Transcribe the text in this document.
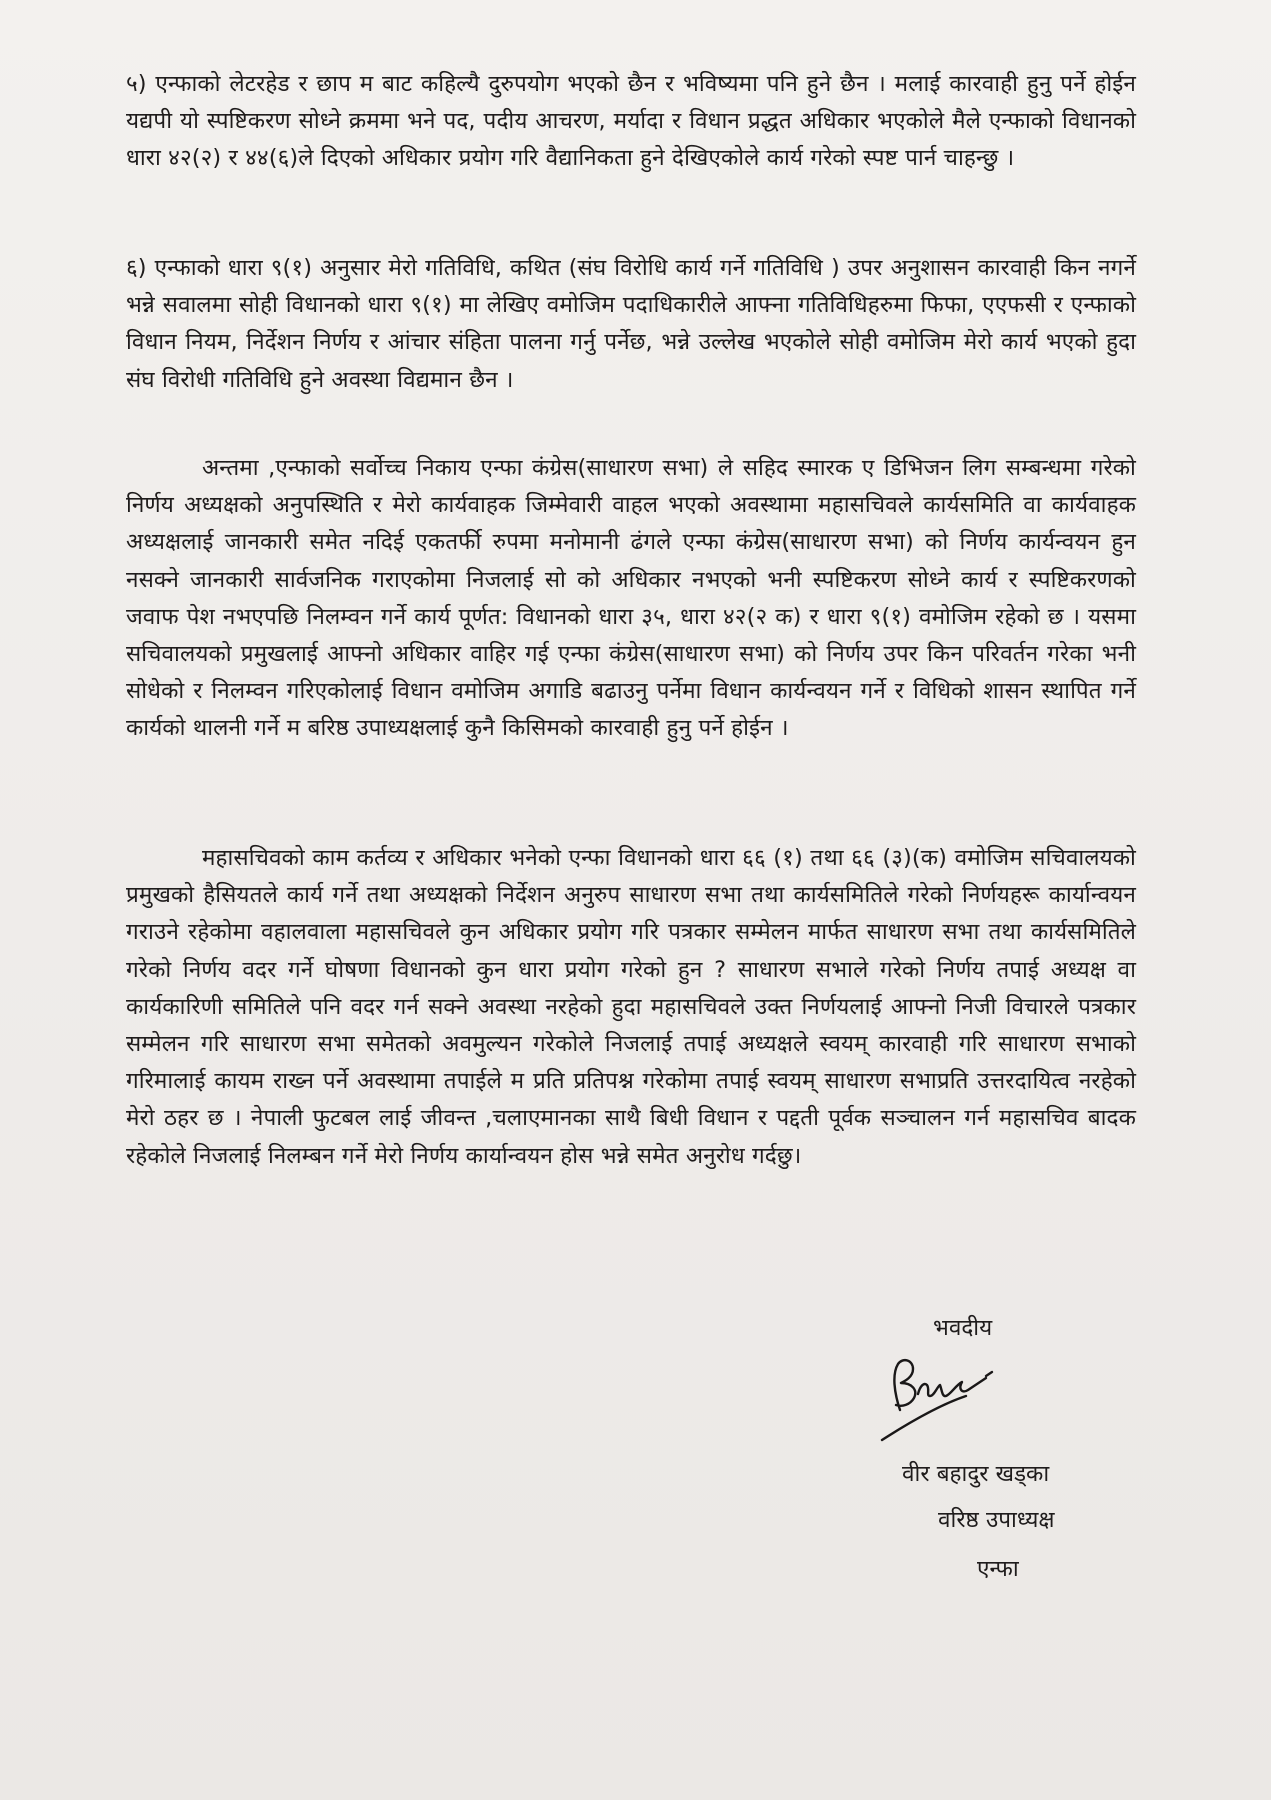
५) एन्फाको लेटरहेड र छाप म बाट कहिल्यै दुरुपयोग भएको छैन र भविष्यमा पनि हुने छैन । मलाई कारवाही हुनु पर्ने होईन यद्यपी यो स्पष्टिकरण सोध्ने क्रममा भने पद, पदीय आचरण, मर्यादा र विधान प्रद्धत अधिकार भएकोले मैले एन्फाको विधानको धारा ४२(२) र ४४(६)ले दिएको अधिकार प्रयोग गरि वैद्यानिकता हुने देखिएकोले कार्य गरेको स्पष्ट पार्न चाहन्छु ।

६) एन्फाको धारा ९(१) अनुसार मेरो गतिविधि, कथित (संघ विरोधि कार्य गर्ने गतिविधि ) उपर अनुशासन कारवाही किन नगर्ने भन्ने सवालमा सोही विधानको धारा ९(१) मा लेखिए वमोजिम पदाधिकारीले आफ्ना गतिविधिहरुमा फिफा, एएफसी र एन्फाको विधान नियम, निर्देशन निर्णय र आंचार संहिता पालना गर्नु पर्नेछ, भन्ने उल्लेख भएकोले सोही वमोजिम मेरो कार्य भएको हुदा संघ विरोधी गतिविधि हुने अवस्था विद्यमान छैन ।

अन्तमा ,एन्फाको सर्वोच्च निकाय एन्फा कंग्रेस(साधारण सभा) ले सहिद स्मारक ए डिभिजन लिग सम्बन्धमा गरेको निर्णय अध्यक्षको अनुपस्थिति र मेरो कार्यवाहक जिम्मेवारी वाहल भएको अवस्थामा महासचिवले कार्यसमिति वा कार्यवाहक अध्यक्षलाई जानकारी समेत नदिई एकतर्फी रुपमा मनोमानी ढंगले एन्फा कंग्रेस(साधारण सभा) को निर्णय कार्यन्वयन हुन नसक्ने जानकारी सार्वजनिक गराएकोमा निजलाई सो को अधिकार नभएको भनी स्पष्टिकरण सोध्ने कार्य र स्पष्टिकरणको जवाफ पेश नभएपछि निलम्वन गर्ने कार्य पूर्णत: विधानको धारा ३५, धारा ४२(२ क) र धारा ९(१) वमोजिम रहेको छ । यसमा सचिवालयको प्रमुखलाई आफ्नो अधिकार वाहिर गई एन्फा कंग्रेस(साधारण सभा) को निर्णय उपर किन परिवर्तन गरेका भनी सोधेको र निलम्वन गरिएकोलाई विधान वमोजिम अगाडि बढाउनु पर्नेमा विधान कार्यन्वयन गर्ने र विधिको शासन स्थापित गर्ने कार्यको थालनी गर्ने म बरिष्ठ उपाध्यक्षलाई कुनै किसिमको कारवाही हुनु पर्ने होईन ।

महासचिवको काम कर्तव्य र अधिकार भनेको एन्फा विधानको धारा ६६ (१) तथा ६६ (३)(क) वमोजिम सचिवालयको प्रमुखको हैसियतले कार्य गर्ने तथा अध्यक्षको निर्देशन अनुरुप साधारण सभा तथा कार्यसमितिले गरेको निर्णयहरू कार्यान्वयन गराउने रहेकोमा वहालवाला महासचिवले कुन अधिकार प्रयोग गरि पत्रकार सम्मेलन मार्फत साधारण सभा तथा कार्यसमितिले गरेको निर्णय वदर गर्ने घोषणा विधानको कुन धारा प्रयोग गरेको हुन ? साधारण सभाले गरेको निर्णय तपाई अध्यक्ष वा कार्यकारिणी समितिले पनि वदर गर्न सक्ने अवस्था नरहेको हुदा महासचिवले उक्त निर्णयलाई आफ्नो निजी विचारले पत्रकार सम्मेलन गरि साधारण सभा समेतको अवमुल्यन गरेकोले निजलाई तपाई अध्यक्षले स्वयम् कारवाही गरि साधारण सभाको गरिमालाई कायम राख्न पर्ने अवस्थामा तपाईले म प्रति प्रतिपश्न गरेकोमा तपाई स्वयम् साधारण सभाप्रति उत्तरदायित्व नरहेको मेरो ठहर छ । नेपाली फुटबल लाई जीवन्त ,चलाएमानका साथै बिधी विधान र पद्दती पूर्वक सञ्चालन गर्न महासचिव बादक रहेकोले निजलाई निलम्बन गर्ने मेरो निर्णय कार्यान्वयन होस भन्ने समेत अनुरोध गर्दछु।

भवदीय
वीर बहादुर खड्का
वरिष्ठ उपाध्यक्ष
एन्फा
